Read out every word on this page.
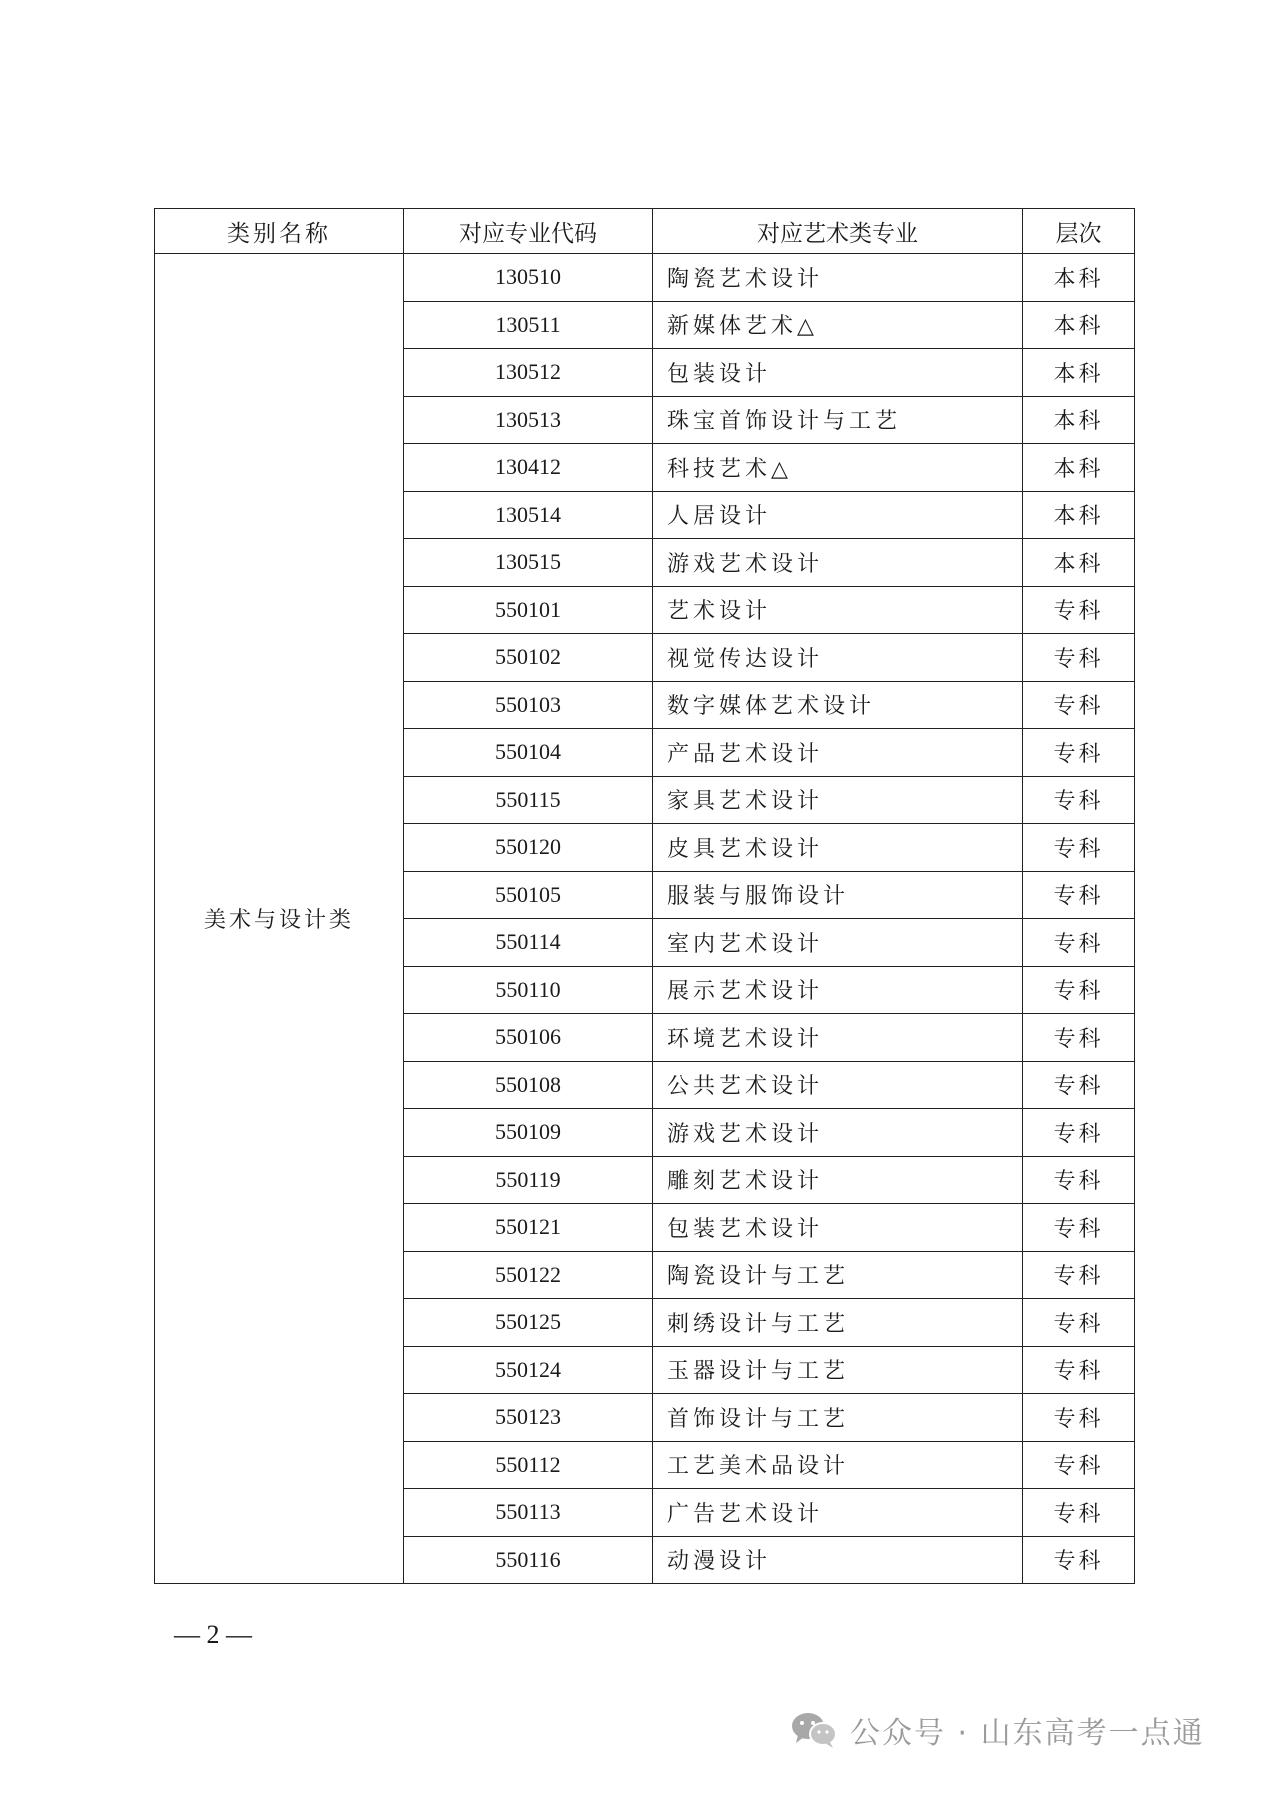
类别名称	对应专业代码	对应艺术类专业	层次
美术与设计类	130510	陶瓷艺术设计	本科
	130511	新媒体艺术△	本科
	130512	包装设计	本科
	130513	珠宝首饰设计与工艺	本科
	130412	科技艺术△	本科
	130514	人居设计	本科
	130515	游戏艺术设计	本科
	550101	艺术设计	专科
	550102	视觉传达设计	专科
	550103	数字媒体艺术设计	专科
	550104	产品艺术设计	专科
	550115	家具艺术设计	专科
	550120	皮具艺术设计	专科
	550105	服装与服饰设计	专科
	550114	室内艺术设计	专科
	550110	展示艺术设计	专科
	550106	环境艺术设计	专科
	550108	公共艺术设计	专科
	550109	游戏艺术设计	专科
	550119	雕刻艺术设计	专科
	550121	包装艺术设计	专科
	550122	陶瓷设计与工艺	专科
	550125	刺绣设计与工艺	专科
	550124	玉器设计与工艺	专科
	550123	首饰设计与工艺	专科
	550112	工艺美术品设计	专科
	550113	广告艺术设计	专科
	550116	动漫设计	专科
— 2 —
公众号 · 山东高考一点通
